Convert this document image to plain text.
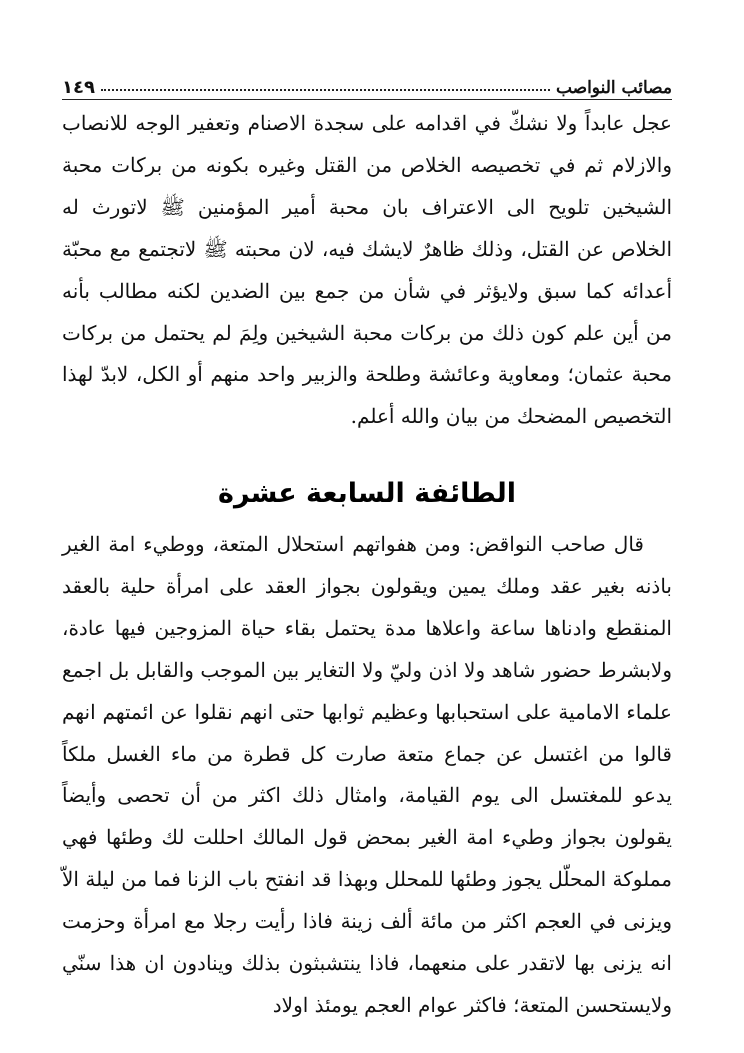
مصائب النواصب
١٤٩
عجل عابداً ولا نشكّ في اقدامه على سجدة الاصنام وتعفير الوجه للانصاب والازلام ثم في تخصيصه الخلاص من القتل وغيره بكونه من بركات محبة الشيخين تلويح الى الاعتراف بان محبة أمير المؤمنين ﷺ لاتورث له الخلاص عن القتل، وذلك ظاهرٌ لايشك فيه، لان محبته ﷺ لاتجتمع مع محبّة أعدائه كما سبق ولايؤثر في شأن من جمع بين الضدين لكنه مطالب بأنه من أين علم كون ذلك من بركات محبة الشيخين ولِمَ لم يحتمل من بركات محبة عثمان؛ ومعاوية وعائشة وطلحة والزبير واحد منهم أو الكل، لابدّ لهذا التخصيص المضحك من بيان والله أعلم.
الطائفة السابعة عشرة
قال صاحب النواقض: ومن هفواتهم استحلال المتعة، ووطيء امة الغير باذنه بغير عقد وملك يمين ويقولون بجواز العقد على امرأة حلية بالعقد المنقطع وادناها ساعة واعلاها مدة يحتمل بقاء حياة المزوجين فيها عادة، ولابشرط حضور شاهد ولا اذن وليّ ولا التغاير بين الموجب والقابل بل اجمع علماء الامامية على استحبابها وعظيم ثوابها حتى انهم نقلوا عن ائمتهم انهم قالوا من اغتسل عن جماع متعة صارت كل قطرة من ماء الغسل ملكاً يدعو للمغتسل الى يوم القيامة، وامثال ذلك اكثر من أن تحصى وأيضاً يقولون بجواز وطيء امة الغير بمحض قول المالك احللت لك وطئها فهي مملوكة المحلّل يجوز وطئها للمحلل وبهذا قد انفتح باب الزنا فما من ليلة الاّ ويزنى في العجم اكثر من مائة ألف زينة فاذا رأيت رجلا مع امرأة وحزمت انه يزنى بها لاتقدر على منعهما، فاذا ينتشبثون بذلك وينادون ان هذا سنّي ولايستحسن المتعة؛ فاكثر عوام العجم يومئذ اولاد
